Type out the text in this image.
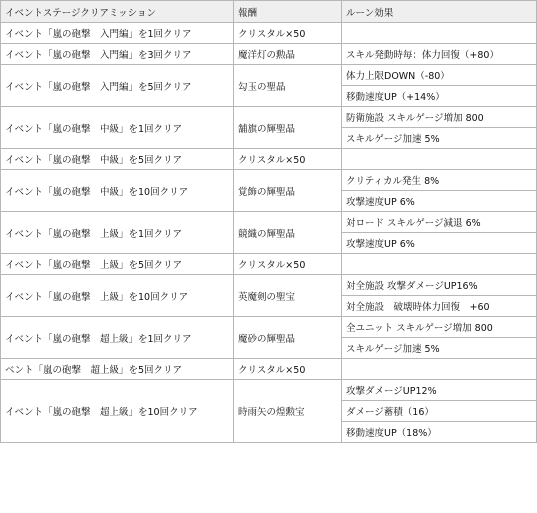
イベントステージクリアミッション	報酬	ルーン効果
イベント「嵐の砲撃　入門編」を1回クリア	クリスタル×50	
イベント「嵐の砲撃　入門編」を3回クリア	魔洋灯の勲晶	スキル発動時毎：体力回復（+80）
イベント「嵐の砲撃　入門編」を5回クリア	勾玉の聖晶	体力上限DOWN（-80）
		移動速度UP（+14%）
イベント「嵐の砲撃　中級」を1回クリア	舗旗の輝聖晶	防衛施設 スキルゲージ増加 800
		スキルゲージ加速 5%
イベント「嵐の砲撃　中級」を5回クリア	クリスタル×50	
イベント「嵐の砲撃　中級」を10回クリア	覚飾の輝聖晶	クリティカル発生 8%
		攻撃速度UP 6%
イベント「嵐の砲撃　上級」を1回クリア	競織の輝聖晶	対ロード スキルゲージ減退 6%
		攻撃速度UP 6%
イベント「嵐の砲撃　上級」を5回クリア	クリスタル×50	
イベント「嵐の砲撃　上級」を10回クリア	英魔剣の聖宝	対全施設 攻撃ダメージUP16%
		対全施設　破壊時体力回復　+60
イベント「嵐の砲撃　超上級」を1回クリア	魔砂の輝聖晶	全ユニット スキルゲージ増加 800
		スキルゲージ加速 5%
ベント「嵐の砲撃　超上級」を5回クリア	クリスタル×50	
イベント「嵐の砲撃　超上級」を10回クリア	時雨矢の煌勲宝	攻撃ダメージUP12%
		ダメージ蓄積（16）
		移動速度UP（18%）
